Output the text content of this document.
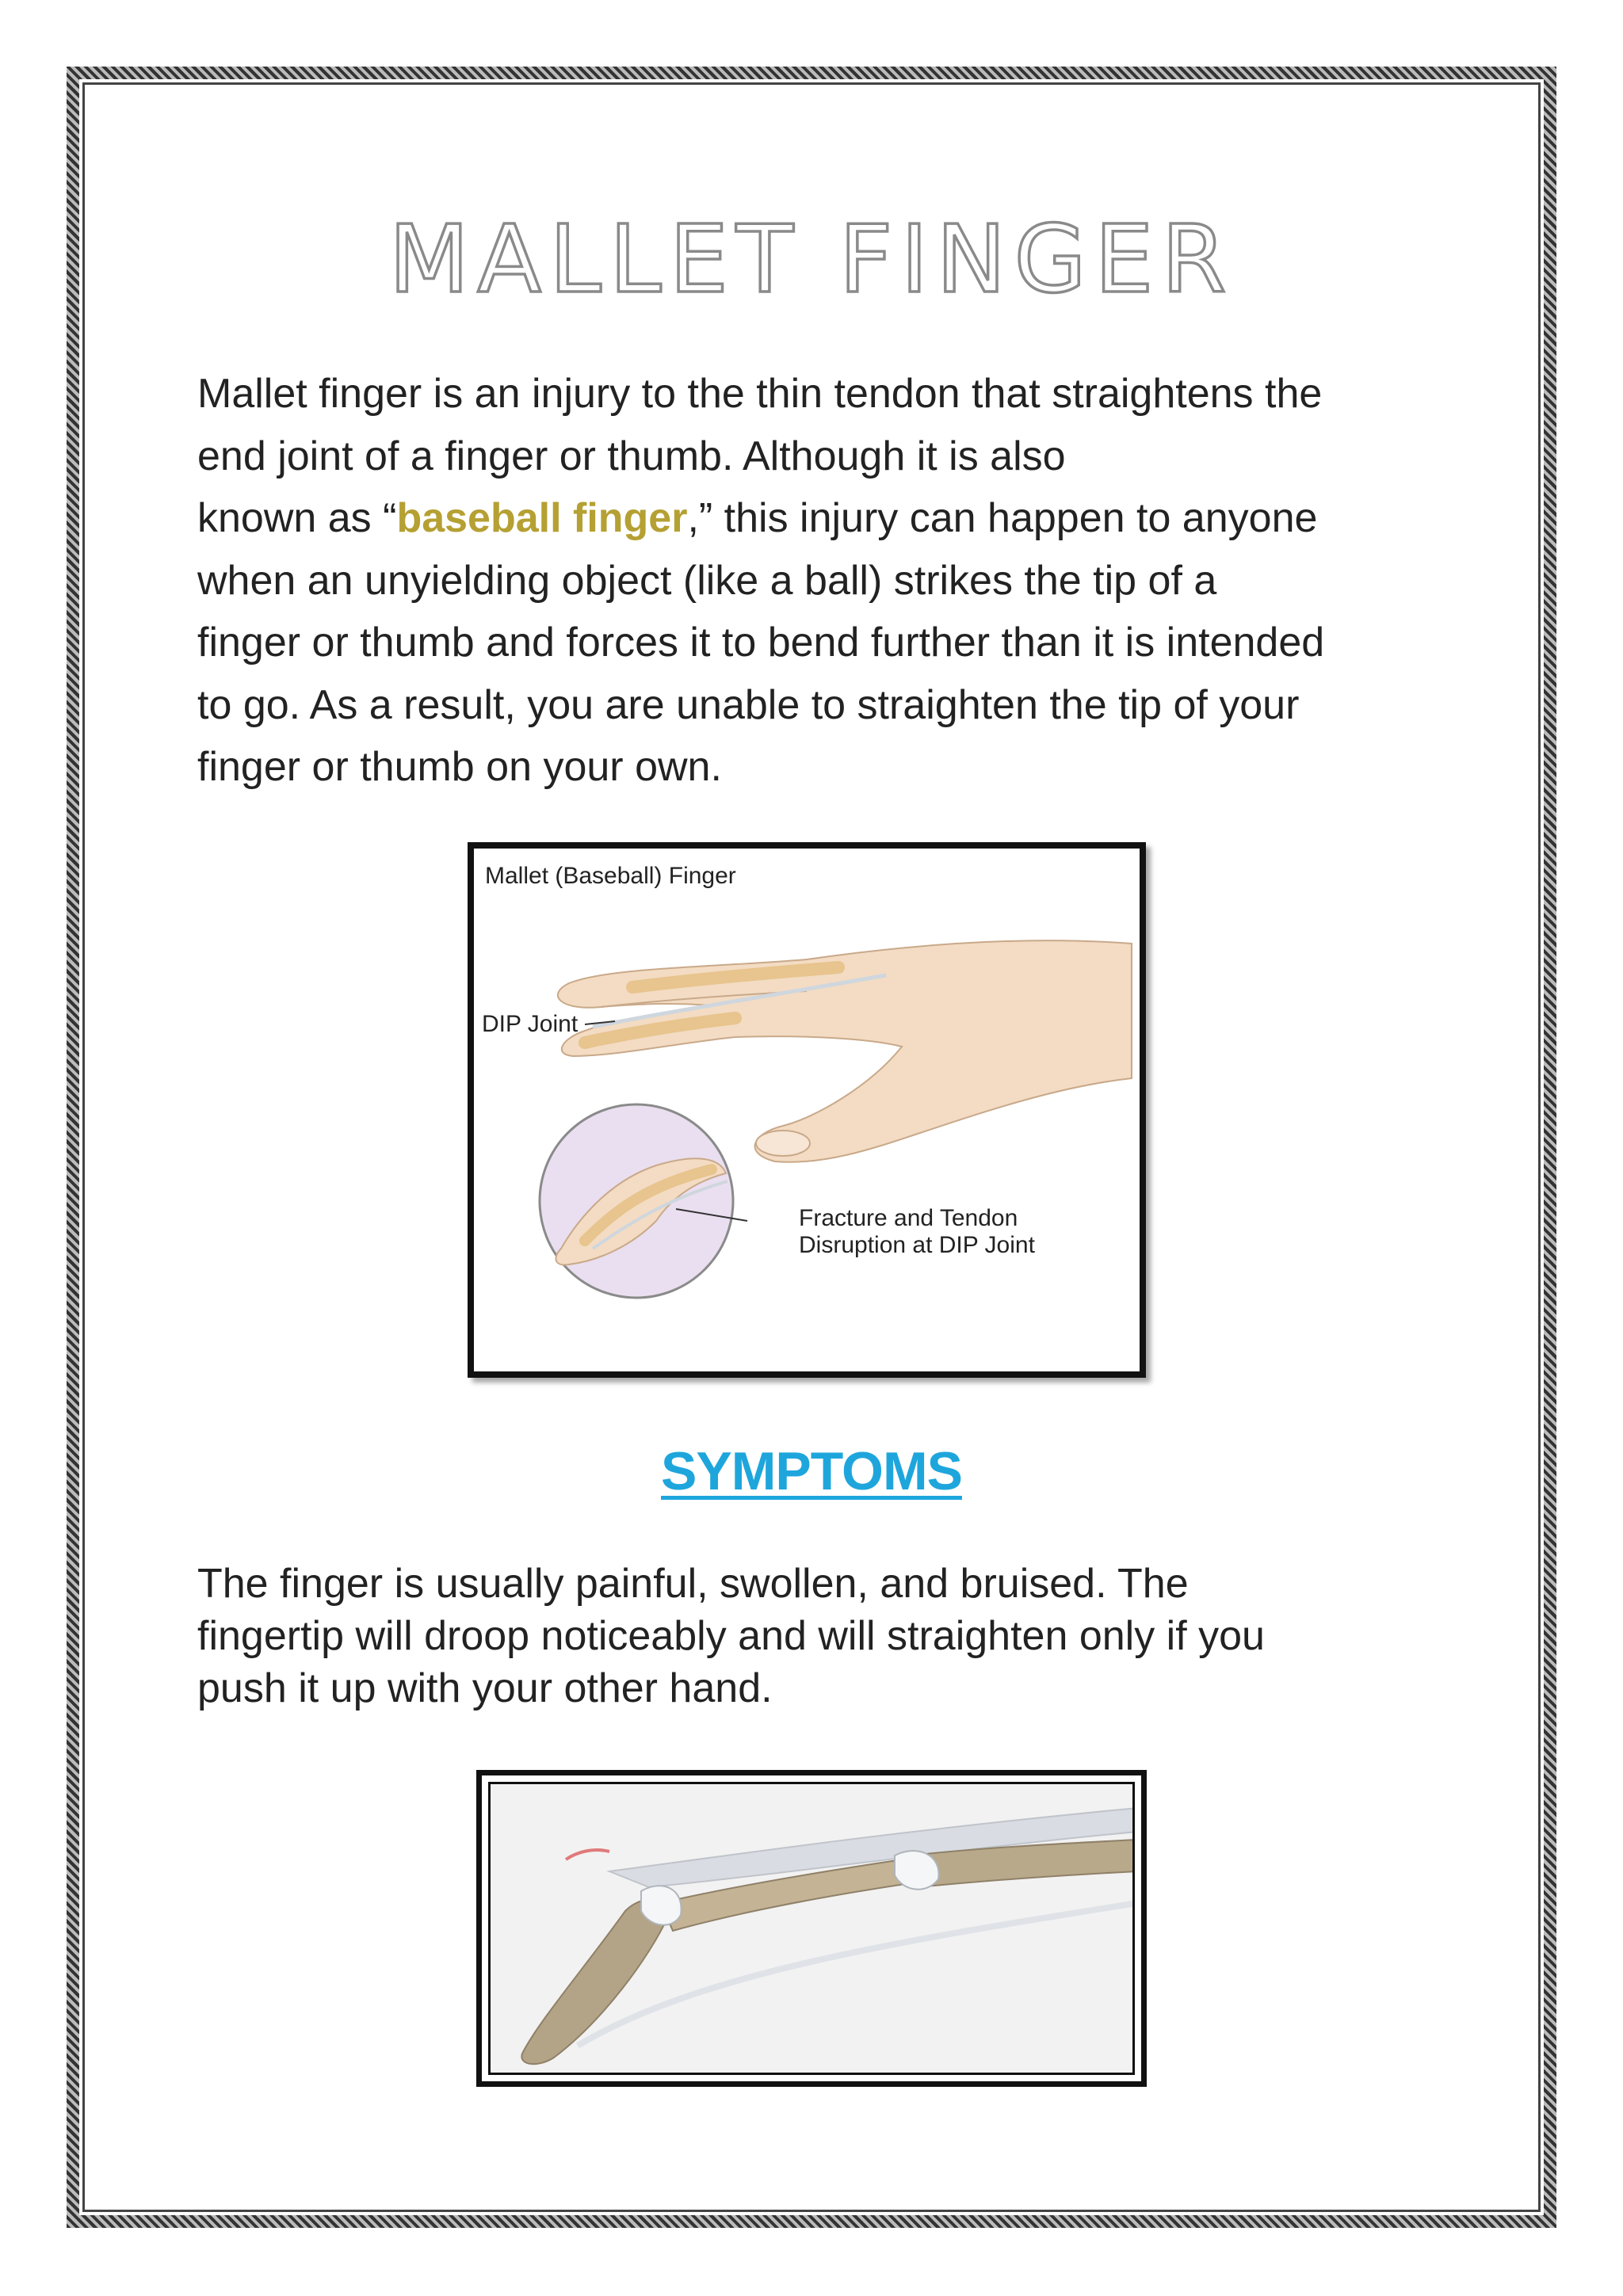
MALLET FINGER
Mallet finger is an injury to the thin tendon that straightens the
end joint of a finger or thumb. Although it is also
known as “baseball finger,” this injury can happen to anyone
when an unyielding object (like a ball) strikes the tip of a
finger or thumb and forces it to bend further than it is intended
to go. As a result, you are unable to straighten the tip of your
finger or thumb on your own.
Mallet (Baseball) Finger
DIP Joint
Fracture and Tendon
Disruption at DIP Joint
SYMPTOMS
The finger is usually painful, swollen, and bruised. The
fingertip will droop noticeably and will straighten only if you
push it up with your other hand.
